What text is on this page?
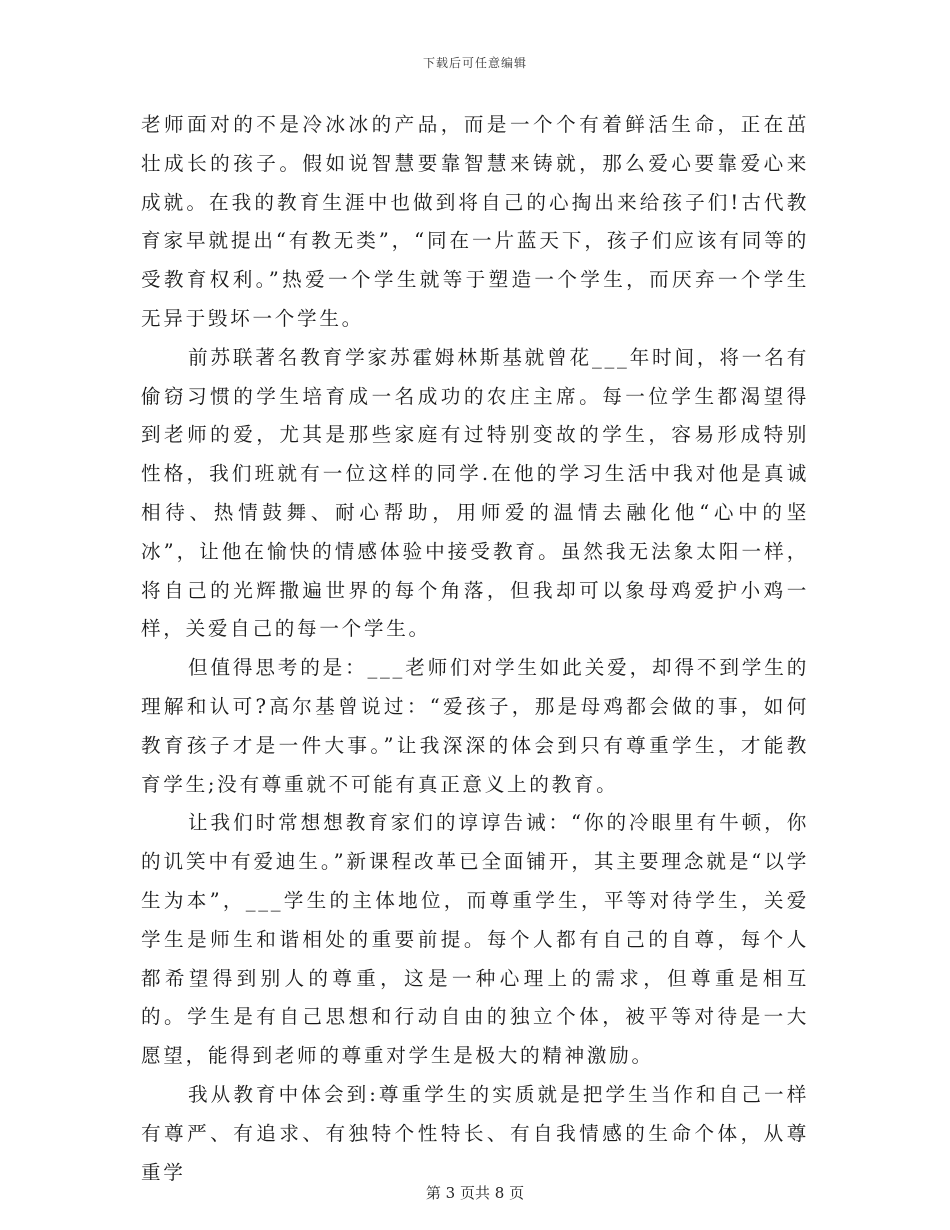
下载后可任意编辑

老师面对的不是冷冰冰的产品，而是一个个有着鲜活生命，正在茁壮成长的孩子。假如说智慧要靠智慧来铸就，那么爱心要靠爱心来成就。在我的教育生涯中也做到将自己的心掏出来给孩子们!古代教育家早就提出“有教无类”，“同在一片蓝天下，孩子们应该有同等的受教育权利。”热爱一个学生就等于塑造一个学生，而厌弃一个学生无异于毁坏一个学生。

前苏联著名教育学家苏霍姆林斯基就曾花___年时间，将一名有偷窃习惯的学生培育成一名成功的农庄主席。每一位学生都渴望得到老师的爱，尤其是那些家庭有过特别变故的学生，容易形成特别性格，我们班就有一位这样的同学.在他的学习生活中我对他是真诚相待、热情鼓舞、耐心帮助，用师爱的温情去融化他“心中的坚冰”，让他在愉快的情感体验中接受教育。虽然我无法象太阳一样，将自己的光辉撒遍世界的每个角落，但我却可以象母鸡爱护小鸡一样，关爱自己的每一个学生。

但值得思考的是：___老师们对学生如此关爱，却得不到学生的理解和认可?高尔基曾说过：“爱孩子，那是母鸡都会做的事，如何教育孩子才是一件大事。”让我深深的体会到只有尊重学生，才能教育学生;没有尊重就不可能有真正意义上的教育。

让我们时常想想教育家们的谆谆告诫：“你的冷眼里有牛顿，你的讥笑中有爱迪生。”新课程改革已全面铺开，其主要理念就是“以学生为本”，___学生的主体地位，而尊重学生，平等对待学生，关爱学生是师生和谐相处的重要前提。每个人都有自己的自尊，每个人都希望得到别人的尊重，这是一种心理上的需求，但尊重是相互的。学生是有自己思想和行动自由的独立个体，被平等对待是一大愿望，能得到老师的尊重对学生是极大的精神激励。

我从教育中体会到:尊重学生的实质就是把学生当作和自己一样有尊严、有追求、有独特个性特长、有自我情感的生命个体，从尊重学

第 3 页共 8 页
